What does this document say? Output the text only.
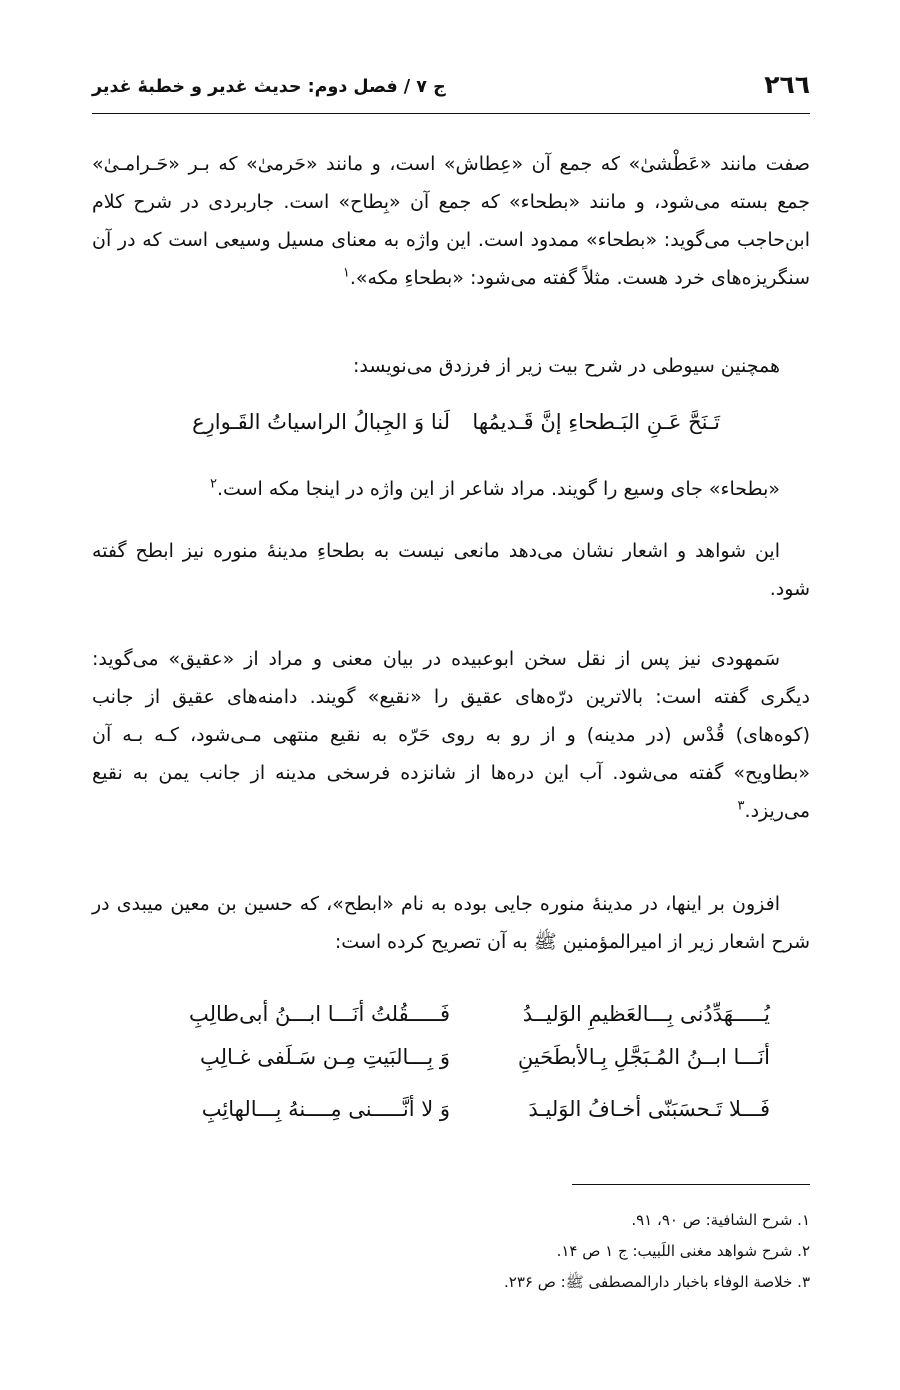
۲٦٦
ج ۷ / فصل دوم: حدیث غدیر و خطبهٔ غدیر
صفت مانند «عَطْشیٰ» که جمع آن «عِطاش» است، و مانند «حَرمیٰ» که بـر «حَـرامـیٰ» جمع بسته می‌شود، و مانند «بطحاء» که جمع آن «بِطاح» است. جاربردی در شرح کلام ابن‌حاجب می‌گوید: «بطحاء» ممدود است. این واژه به معنای مسیل وسیعی است که در آن سنگریزه‌های خرد هست. مثلاً گفته می‌شود: «بطحاءِ مکه».$^۱$
همچنین سیوطی در شرح بیت زیر از فرزدق می‌نویسد:
تَـنَحَّ عَـنِ البَـطحاءِ إنَّ قَـدیمُها
لَنا وَ الجِبالُ الراسیاتُ القَـوارِع
«بطحاء» جای وسیع را گویند. مراد شاعر از این واژه در اینجا مکه است.$^۲$
این شواهد و اشعار نشان می‌دهد مانعی نیست به بطحاءِ مدینهٔ منوره نیز ابطح گفته شود.
سَمهودی نیز پس از نقل سخن ابوعبیده در بیان معنی و مراد از «عقیق» می‌گوید: دیگری گفته است: بالاترین درّه‌های عقیق را «نقیع» گویند. دامنه‌های عقیق از جانب (کوه‌های) قُدْس (در مدینه) و از رو به روی حَرّه به نقیع منتهی مـی‌شود، کـه بـه آن «بطاویح» گفته می‌شود. آب این دره‌ها از شانزده فرسخی مدینه از جانب یمن به نقیع می‌ریزد.$^۳$
افزون بر اینها، در مدینهٔ منوره جایی بوده به نام «ابطح»، که حسین بن معین میبدی در شرح اشعار زیر از امیرالمؤمنین ﷺ به آن تصریح کرده است:
یُـــــهَدِّدُنی بِـــالعَظیمِ الوَلیــدُ
فَـــــقُلتُ أنَـــا ابـــنُ أبی‌طالِبِ
أنَـــا ابــنُ المُـبَجَّلِ بِـالأبطَحَینِ
وَ بِـــالبَیتِ مِـن سَـلَفی غـالِبِ
فَـــلا تَـحسَبَنّی أخـافُ الوَلیـدَ
وَ لا أنَّـــــنی مِــــنهُ بِـــالهائِبِ
۱. شرح الشافیة: ص ۹۰، ۹۱.
۲. شرح شواهد مغنی اللَبیب: ج ۱ ص ۱۴.
۳. خلاصة الوفاء باخبار دارالمصطفی ﷺ: ص ۲۳۶.
